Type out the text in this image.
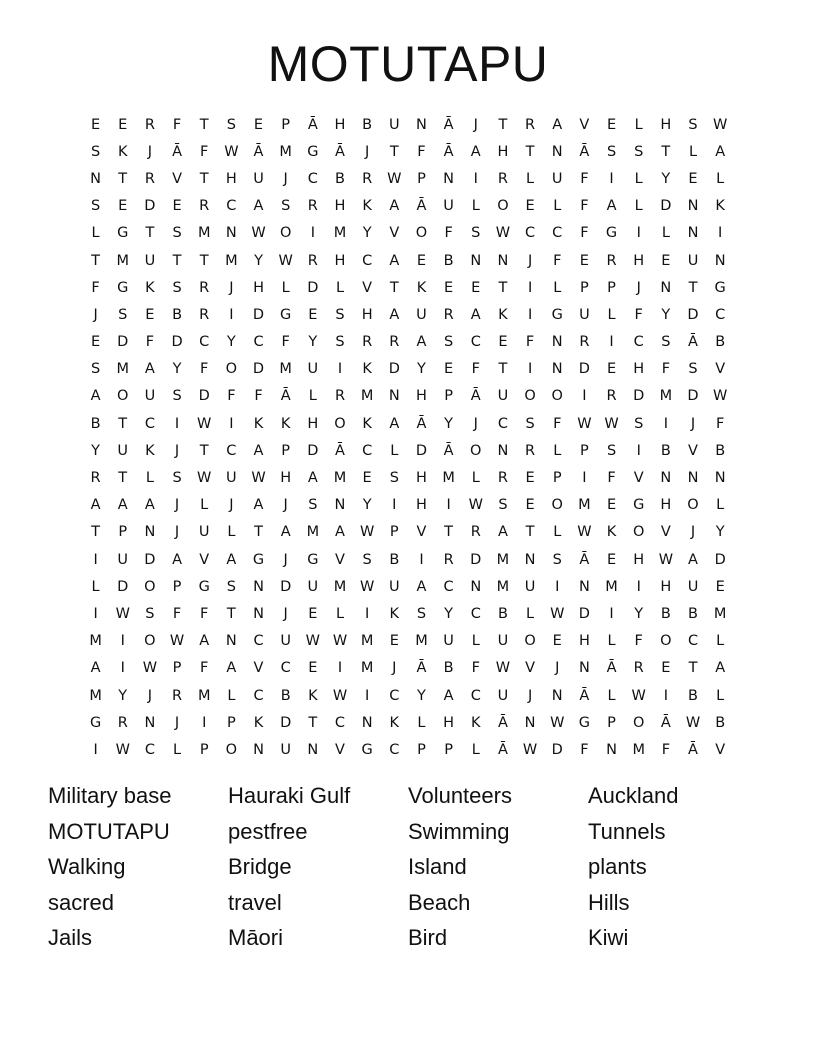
MOTUTAPU
E	E	R	F	T	S	E	P	Ā	H	B	U	N	Ā	J	T	R	A	V	E	L	H	S	W
S	K	J	Ā	F	W	Ā	M	G	Ā	J	T	F	Ā	A	H	T	N	Ā	S	S	T	L	A
N	T	R	V	T	H	U	J	C	B	R	W	P	N	I	R	L	U	F	I	L	Y	E	L
S	E	D	E	R	C	A	S	R	H	K	A	Ā	U	L	O	E	L	F	A	L	D	N	K
L	G	T	S	M	N	W O	I	M	Y	V	O	F	S	W	C	C	F	G	I	L	N	I
T	M	U	T	T	M	Y	W	R	H	C	A	E	B	N	N	J	F	E	R	H	E	U	N
F	G	K	S	R	J	H	L	D	L	V	T	K	E	E	T	I	L	P	P	J	N	T	G
J	S	E	B	R	I	D	G	E	S	H	A	U	R	A	K	I	G	U	L	F	Y	D	C
E	D	F	D	C	Y	C	F	Y	S	R	R	A	S	C	E	F	N	R	I	C	S	Ā	B
S	M	A	Y	F	O	D	M	U	I	K	D	Y	E	F	T	I	N	D	E	H	F	S	V
A	O	U	S	D	F	F	Ā	L	R	M	N	H	P	Ā	U	O	O	I	R	D	M	D W
B	T	C	I	W	I	K	K	H	O	K	A	Ā	Y	J	C	S	F	W W	S	I	J	F
Y	U	K	J	T	C	A	P	D	Ā	C	L	D	Ā	O	N	R	L	P	S	I	B	V	B
R	T	L	S	W	U	W	H	A	M	E	S	H	M	L	R	E	P	I	F	V	N	N	N
A	A	A	J	L	J	A	J	S	N	Y	I	H	I	W	S	E	O	M	E	G	H	O	L
T	P	N	J	U	L	T	A	M	A	W	P	V	T	R	A	T	L	W	K	O	V	J	Y
I	U	D	A	V	A	G	J	G	V	S	B	I	R	D	M	N	S	Ā	E	H	W	A	D
L	D	O	P	G	S	N	D	U	M W	U	A	C	N	M	U	I	N	M	I	H	U	E
I	W	S	F	F	T	N	J	E	L	I	K	S	Y	C	B	L	W D	I	Y	B	B	M
M	I	O W	A	N	C	U	W W M	E	M	U	L	U	O	E	H	L	F	O	C	L
A	I	W	P	F	A	V	C	E	I	M	J	Ā	B	F	W	V	J	N	Ā	R	E	T	A
M	Y	J	R	M	L	C	B	K	W	I	C	Y	A	C	U	J	N	Ā	L	W	I	B	L
G	R	N	J	I	P	K	D	T	C	N	K	L	H	K	Ā	N	W G	P	O	Ā	W	B
I	W	C	L	P	O	N	U	N	V	G	C	P	P	L	Ā	W D	F	N	M	F	Ā	V
Military base	Hauraki Gulf	Volunteers	Auckland
MOTUTAPU	pestfree	Swimming	Tunnels
Walking	Bridge	Island	plants
sacred	travel	Beach	Hills
Jails	Māori	Bird	Kiwi
